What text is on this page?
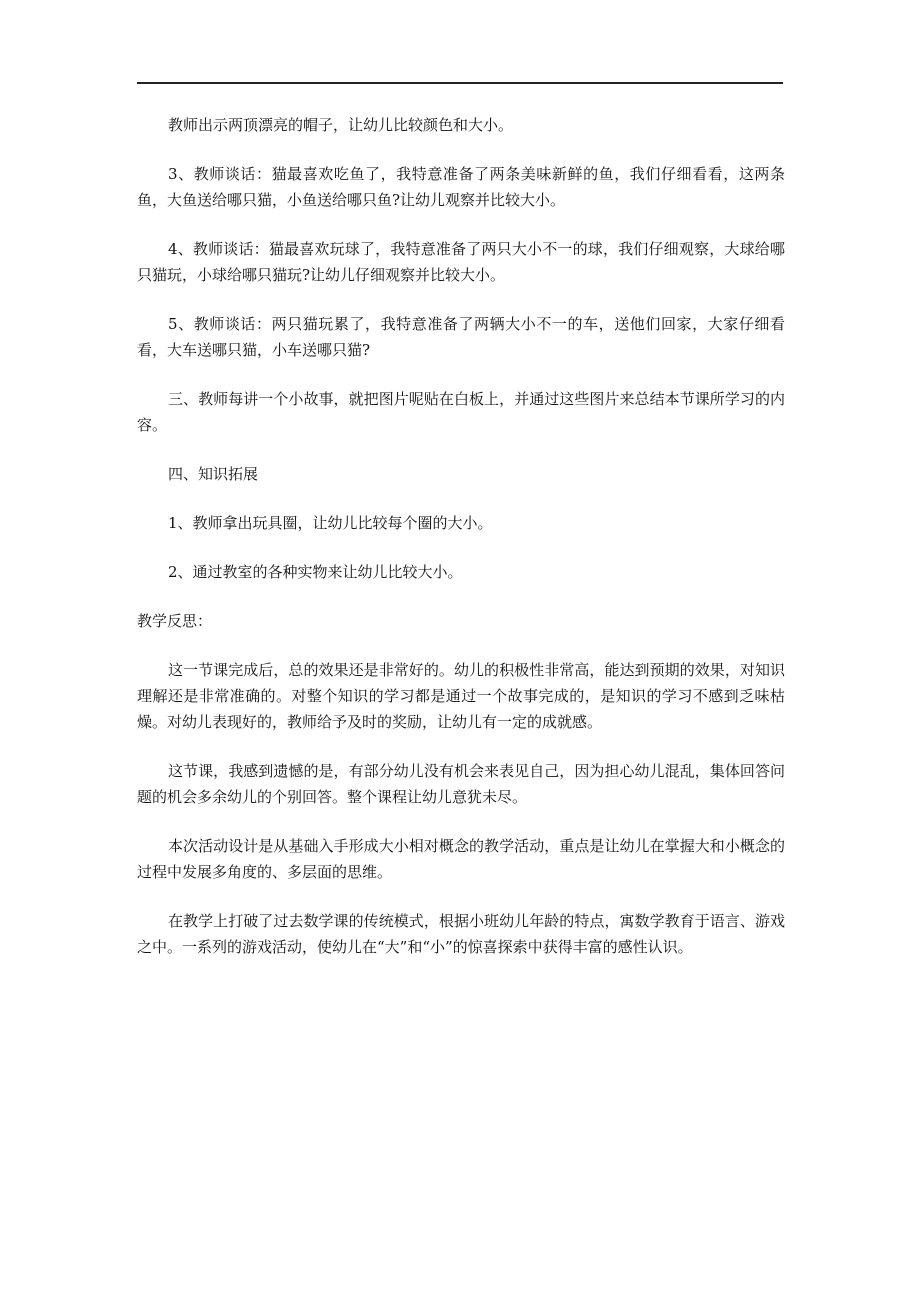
教师出示两顶漂亮的帽子，让幼儿比较颜色和大小。

3、教师谈话：猫最喜欢吃鱼了，我特意准备了两条美味新鲜的鱼，我们仔细看看，这两条鱼，大鱼送给哪只猫，小鱼送给哪只鱼?让幼儿观察并比较大小。

4、教师谈话：猫最喜欢玩球了，我特意准备了两只大小不一的球，我们仔细观察，大球给哪只猫玩，小球给哪只猫玩?让幼儿仔细观察并比较大小。

5、教师谈话：两只猫玩累了，我特意准备了两辆大小不一的车，送他们回家，大家仔细看看，大车送哪只猫，小车送哪只猫?

三、教师每讲一个小故事，就把图片呢贴在白板上，并通过这些图片来总结本节课所学习的内容。

四、知识拓展

1、教师拿出玩具圈，让幼儿比较每个圈的大小。

2、通过教室的各种实物来让幼儿比较大小。

教学反思：

这一节课完成后，总的效果还是非常好的。幼儿的积极性非常高，能达到预期的效果，对知识理解还是非常准确的。对整个知识的学习都是通过一个故事完成的，是知识的学习不感到乏味枯燥。对幼儿表现好的，教师给予及时的奖励，让幼儿有一定的成就感。

这节课，我感到遗憾的是，有部分幼儿没有机会来表见自己，因为担心幼儿混乱，集体回答问题的机会多余幼儿的个别回答。整个课程让幼儿意犹未尽。

本次活动设计是从基础入手形成大小相对概念的教学活动，重点是让幼儿在掌握大和小概念的过程中发展多角度的、多层面的思维。

在教学上打破了过去数学课的传统模式，根据小班幼儿年龄的特点，寓数学教育于语言、游戏之中。一系列的游戏活动，使幼儿在“大”和“小”的惊喜探索中获得丰富的感性认识。
